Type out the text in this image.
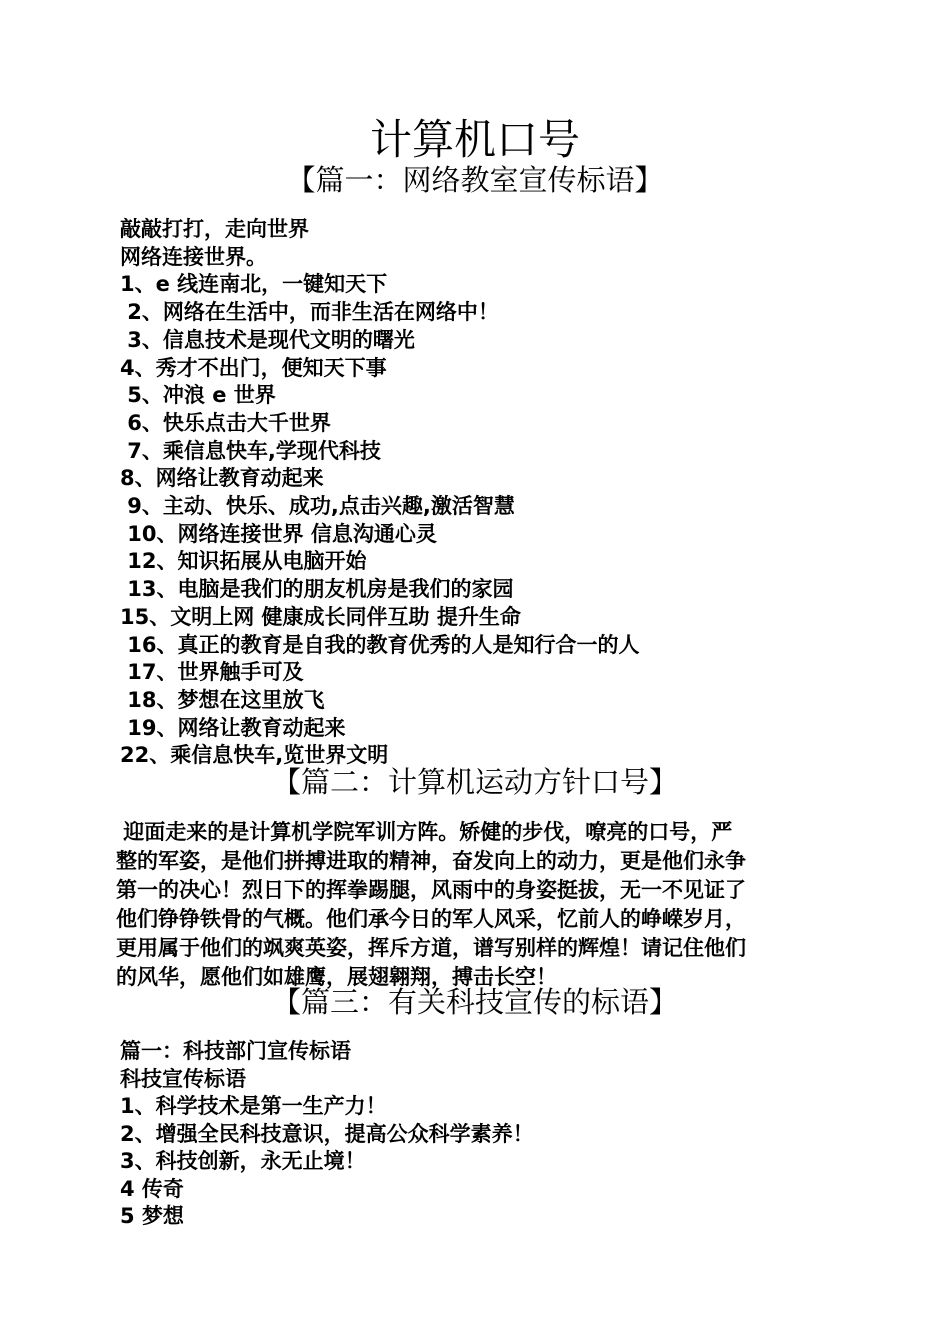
计算机口号
【篇一：网络教室宣传标语】
敲敲打打，走向世界
网络连接世界。
1、e 线连南北，一键知天下
2、网络在生活中，而非生活在网络中！
3、信息技术是现代文明的曙光
4、秀才不出门，便知天下事
5、冲浪 e 世界
6、快乐点击大千世界
7、乘信息快车,学现代科技
8、网络让教育动起来
9、主动、快乐、成功,点击兴趣,激活智慧
10、网络连接世界 信息沟通心灵
12、知识拓展从电脑开始
13、电脑是我们的朋友机房是我们的家园
15、文明上网 健康成长同伴互助 提升生命
16、真正的教育是自我的教育优秀的人是知行合一的人
17、世界触手可及
18、梦想在这里放飞
19、网络让教育动起来
22、乘信息快车,览世界文明
【篇二：计算机运动方针口号】
迎面走来的是计算机学院军训方阵。矫健的步伐，嘹亮的口号，严
整的军姿，是他们拼搏进取的精神，奋发向上的动力，更是他们永争
第一的决心！烈日下的挥拳踢腿，风雨中的身姿挺拔，无一不见证了
他们铮铮铁骨的气概。他们承今日的军人风采，忆前人的峥嵘岁月，
更用属于他们的飒爽英姿，挥斥方道，谱写别样的辉煌！请记住他们
的风华，愿他们如雄鹰，展翅翱翔，搏击长空！
【篇三：有关科技宣传的标语】
篇一：科技部门宣传标语
科技宣传标语
1、科学技术是第一生产力！
2、增强全民科技意识，提高公众科学素养！
3、科技创新，永无止境！
4 传奇
5 梦想
